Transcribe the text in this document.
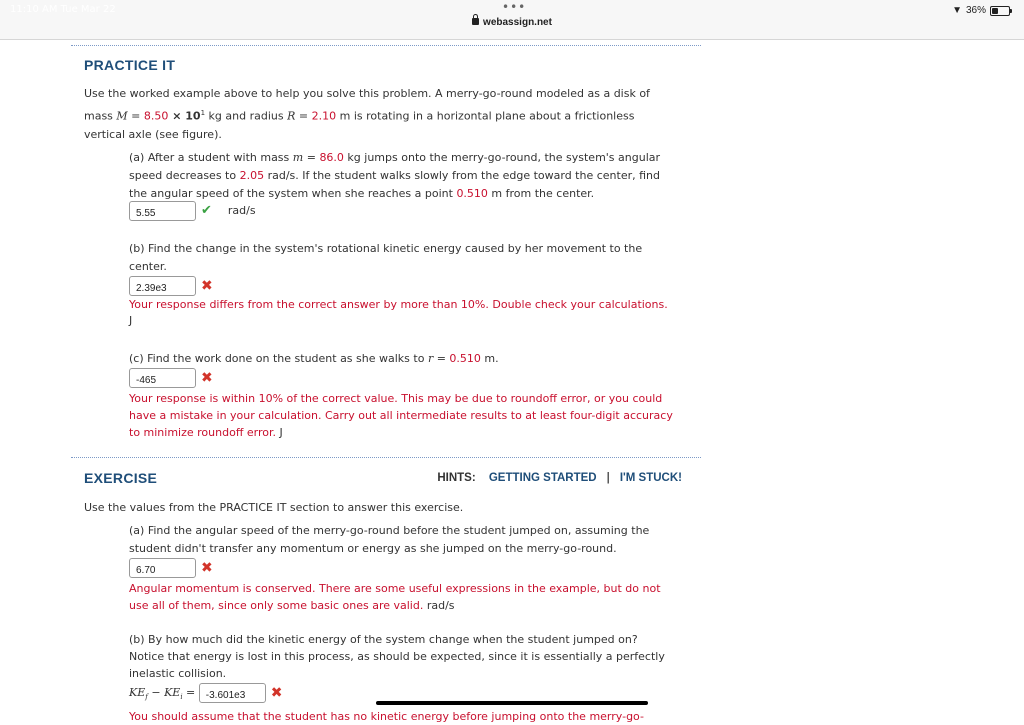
11:10 AM Tue Mar 22	•••
webassign.net
▼ 36%
PRACTICE IT
Use the worked example above to help you solve this problem. A merry-go-round modeled as a disk of
mass $M = 8.50 \times 10^1$ kg and radius R = 2.10 m is rotating in a horizontal plane about a frictionless
vertical axle (see figure).
(a) After a student with mass m = 86.0 kg jumps onto the merry-go-round, the system's angular
speed decreases to 2.05 rad/s. If the student walks slowly from the edge toward the center, find
the angular speed of the system when she reaches a point 0.510 m from the center.
5.55	✔ rad/s
(b) Find the change in the system's rotational kinetic energy caused by her movement to the
center.
2.39e3 ✖
Your response differs from the correct answer by more than 10%. Double check your calculations.
J
(c) Find the work done on the student as she walks to r = 0.510 m.
-465	✖
Your response is within 10% of the correct value. This may be due to roundoff error, or you could
have a mistake in your calculation. Carry out all intermediate results to at least four-digit accuracy
to minimize roundoff error. J
EXERCISE	HINTS: GETTING STARTED | I'M STUCK!
Use the values from the PRACTICE IT section to answer this exercise.
(a) Find the angular speed of the merry-go-round before the student jumped on, assuming the
student didn't transfer any momentum or energy as she jumped on the merry-go-round.
6.70	✖
Angular momentum is conserved. There are some useful expressions in the example, but do not
use all of them, since only some basic ones are valid. rad/s
(b) By how much did the kinetic energy of the system change when the student jumped on?
Notice that energy is lost in this process, as should be expected, since it is essentially a perfectly
inelastic collision.
$KE_f - KE_i = -3.601e3$ ✖
You should assume that the student has no kinetic energy before jumping onto the merry-go-
